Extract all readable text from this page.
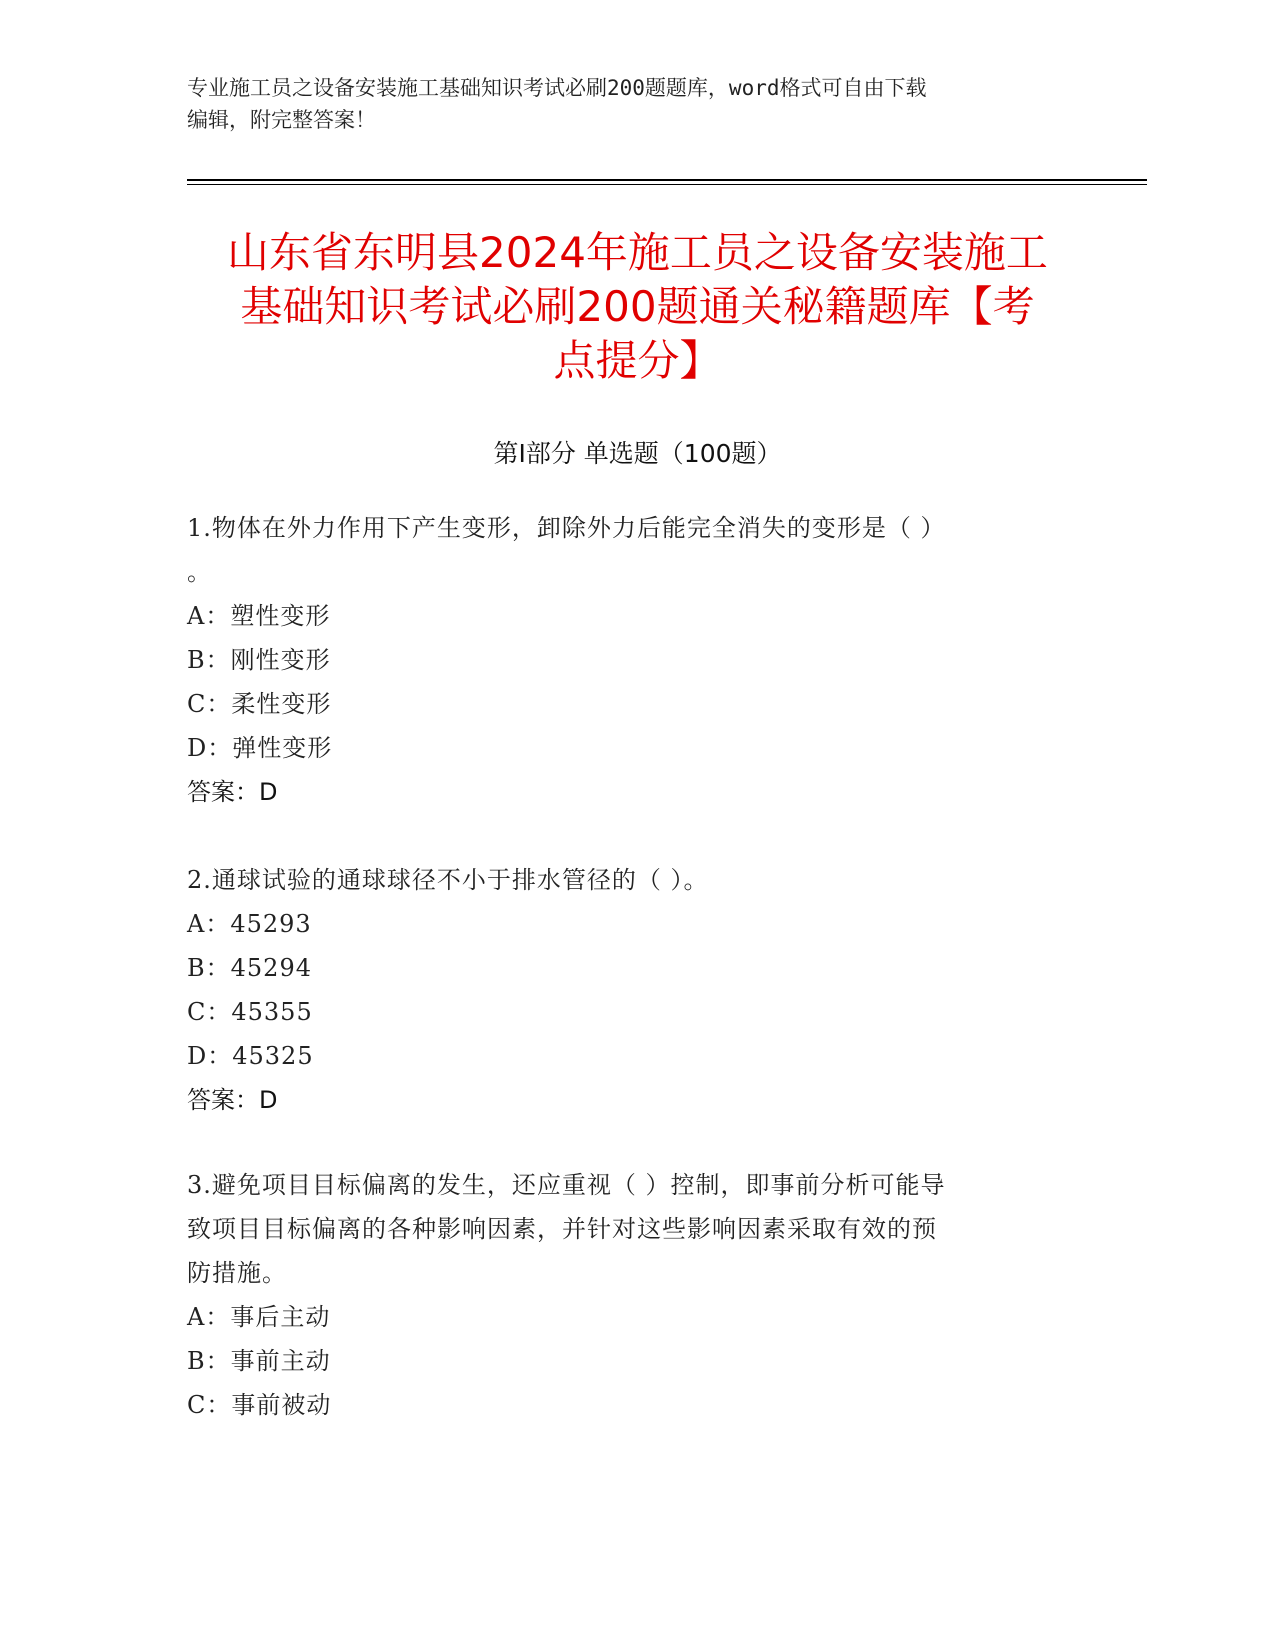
专业施工员之设备安装施工基础知识考试必刷200题题库，word格式可自由下载
编辑，附完整答案！
山东省东明县2024年施工员之设备安装施工
基础知识考试必刷200题通关秘籍题库【考
点提分】
第Ⅰ部分 单选题（100题）
1.物体在外力作用下产生变形，卸除外力后能完全消失的变形是（ ）
。
A：塑性变形
B：刚性变形
C：柔性变形
D：弹性变形
答案：D
2.通球试验的通球球径不小于排水管径的（ ）。
A：45293
B：45294
C：45355
D：45325
答案：D
3.避免项目目标偏离的发生，还应重视（ ）控制，即事前分析可能导
致项目目标偏离的各种影响因素，并针对这些影响因素采取有效的预
防措施。
A：事后主动
B：事前主动
C：事前被动
